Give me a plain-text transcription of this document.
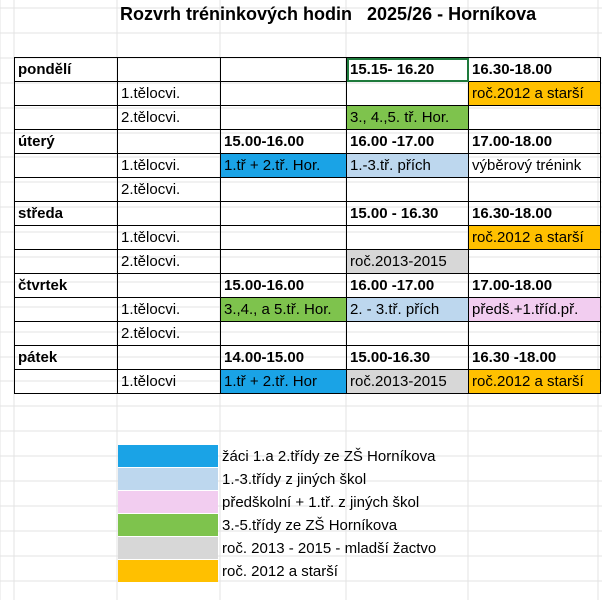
Rozvrh tréninkových hodin   2025/26 - Horníkova
pondělí			15.15- 16.20	16.30-18.00
	1.tělocvi.			roč.2012 a starší
	2.tělocvi.		3., 4.,5. tř. Hor.	
úterý		15.00-16.00	16.00 -17.00	17.00-18.00
	1.tělocvi.	1.tř + 2.tř. Hor.	1.-3.tř. přích	výběrový trénink
	2.tělocvi.			
středa			15.00 - 16.30	16.30-18.00
	1.tělocvi.			roč.2012 a starší
	2.tělocvi.		roč.2013-2015	
čtvrtek		15.00-16.00	16.00 -17.00	17.00-18.00
	1.tělocvi.	3.,4., a 5.tř. Hor.	2. - 3.tř. přích	předš.+1.tříd.př.
	2.tělocvi.			
pátek		14.00-15.00	15.00-16.30	16.30 -18.00
	1.tělocvi	1.tř + 2.tř. Hor	roč.2013-2015	roč.2012 a starší
žáci 1.a 2.třídy ze ZŠ Horníkova
1.-3.třídy z jiných škol
předškolní + 1.tř. z jiných škol
3.-5.třídy ze ZŠ Horníkova
roč. 2013 - 2015 - mladší žactvo
roč. 2012 a starší
